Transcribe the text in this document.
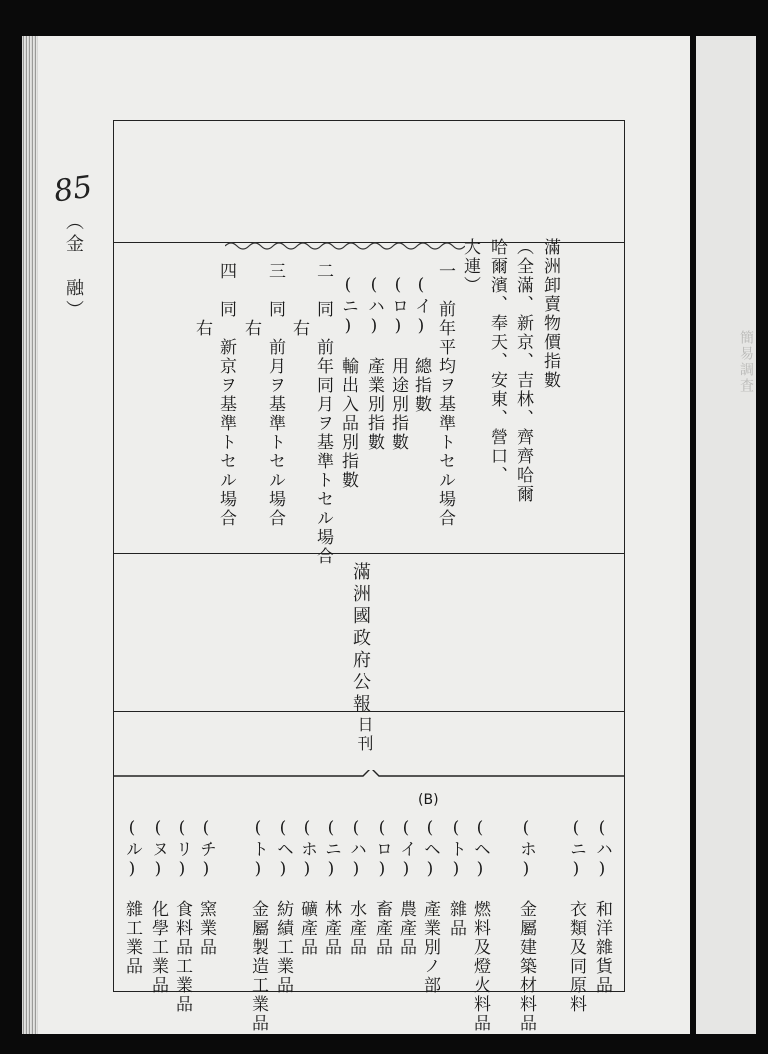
簡易調査
85
（金　融）	滿洲卸賣物價指數
（全滿、新京、吉林、齊齊哈爾
哈爾濱、奉天、安東、營口、
大連）
一　前年平均ヲ基準トセル場合
(イ)　總指數
(ロ)　用途別指數
(ハ)　產業別指數
(ニ)　輸出入品別指數
二　同　前年同月ヲ基準トセル場合
　　　右
三　同　前月ヲ基準トセル場合
　　　右
四　同　新京ヲ基準トセル場合
　　　右
滿洲國政府公報
日刊
(B)
(ハ)　和洋雜貨品
(ニ)　衣類及同原料
(ホ)　金屬建築材料品
(ヘ)　燃料及燈火料品
(ト)　雜品
(ヘ)　產業別ノ部
(イ)　農產品
(ロ)　畜產品
(ハ)　水產品
(ニ)　林產品
(ホ)　礦產品
(ヘ)　紡績工業品
(ト)　金屬製造工業品
(チ)　窯業品
(リ)　食料品工業品
(ヌ)　化學工業品
(ル)　雜工業品
